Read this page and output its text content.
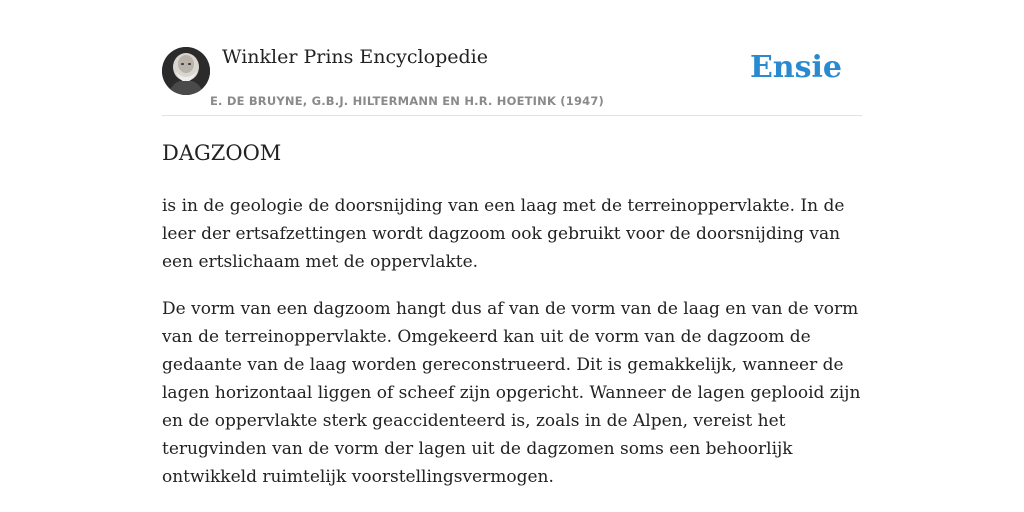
Winkler Prins Encyclopedie
E. DE BRUYNE, G.B.J. HILTERMANN EN H.R. HOETINK (1947)
Ensie
DAGZOOM

is in de geologie de doorsnijding van een laag met de terreinoppervlakte. In de leer der ertsafzettingen wordt dagzoom ook gebruikt voor de doorsnijding van een ertslichaam met de oppervlakte.

De vorm van een dagzoom hangt dus af van de vorm van de laag en van de vorm van de terreinoppervlakte. Omgekeerd kan uit de vorm van de dagzoom de gedaante van de laag worden gereconstrueerd. Dit is gemakkelijk, wanneer de lagen horizontaal liggen of scheef zijn opgericht. Wanneer de lagen geplooid zijn en de oppervlakte sterk geaccidenteerd is, zoals in de Alpen, vereist het terugvinden van de vorm der lagen uit de dagzomen soms een behoorlijk ontwikkeld ruimtelijk voorstellingsvermogen.
